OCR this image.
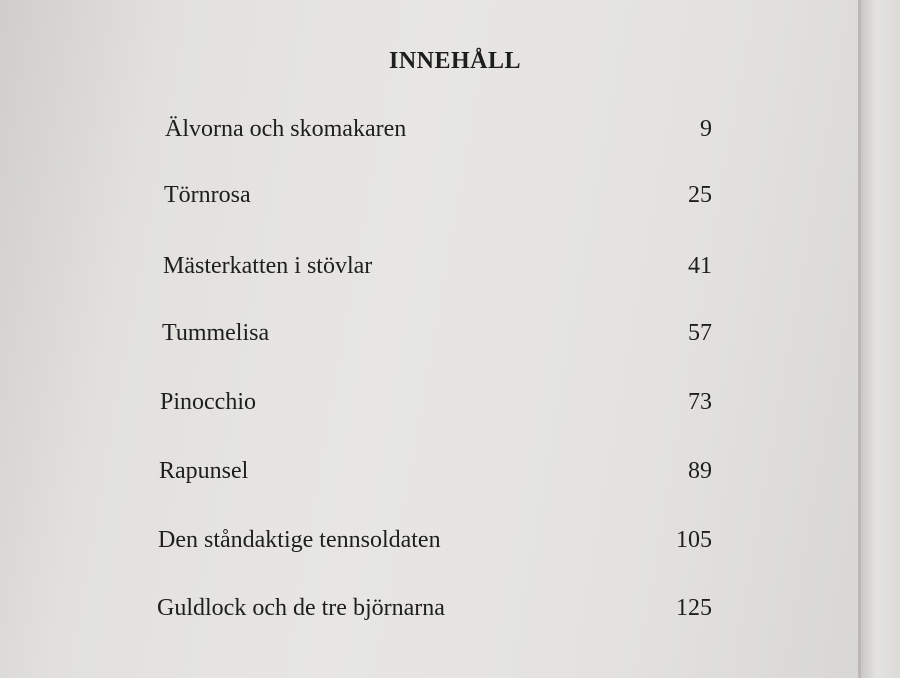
INNEHÅLL
Älvorna och skomakaren	9
Törnrosa	25
Mästerkatten i stövlar	41
Tummelisa	57
Pinocchio	73
Rapunsel	89
Den ståndaktige tennsoldaten	105
Guldlock och de tre björnarna	125
